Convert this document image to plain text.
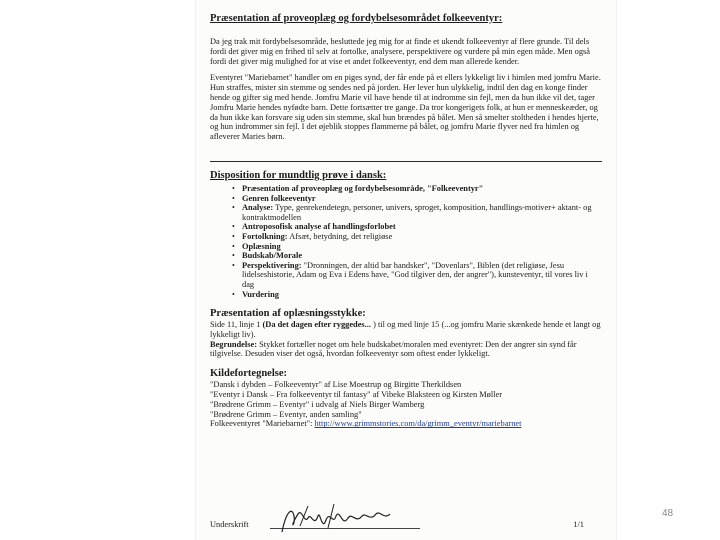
Præsentation af proveoplæg og fordybelsesområdet folkeeventyr:

Da jeg trak mit fordybelsesområde, besluttede jeg mig for at finde et ukendt folkeeventyr af flere grunde. Til dels fordi det giver mig en frihed til selv at fortolke, analysere, perspektivere og vurdere på min egen måde. Men også fordi det giver mig mulighed for at vise et andet folkeeventyr, end dem man allerede kender.

Eventyret "Mariebarnet" handler om en piges synd, der får ende på et ellers lykkeligt liv i himlen med jomfru Marie. Hun straffes, mister sin stemme og sendes ned på jorden. Her lever hun ulykkelig, indtil den dag en konge finder hende og gifter sig med hende. Jomfru Marie vil have hende til at indromme sin fejl, men da hun ikke vil det, tager Jomfru Marie hendes nyfødte barn. Dette fortsætter tre gange. Da tror kongerigets folk, at hun er menneskeæder, og da hun ikke kan forsvare sig uden sin stemme, skal hun brændes på bålet. Men så smelter stoltheden i hendes hjerte, og hun indrommer sin fejl. I det øjeblik stoppes flammerne på bålet, og jomfru Marie flyver ned fra himlen og afleverer Maries børn.

Disposition for mundtlig prøve i dansk:
• Præsentation af proveoplæg og fordybelsesområde, "Folkeeventyr"
• Genren folkeeventyr
• Analyse: Type, genrekendetegn, personer, univers, sproget, komposition, handlings-motiver+ aktant- og kontraktmodellen
• Antroposofisk analyse af handlingsforlobet
• Fortolkning: Afsæt, betydning, det religiøse
• Oplæsning
• Budskab/Morale
• Perspektivering: "Dronningen, der altid bar handsker", "Dovenlars", Biblen (det religiøse, Jesu lidelseshistorie, Adam og Eva i Edens have, "God tilgiver den, der angrer"), kunsteventyr, til vores liv i dag
• Vurdering
Præsentation af oplæsningsstykke:

Side 11, linje 1 (Da det dagen efter ryggedes... ) til og med linje 15 (...og jomfru Marie skænkede hende et langt og lykkeligt liv).

Begrundelse: Stykket fortæller noget om hele budskabet/moralen med eventyret: Den der angrer sin synd får tilgivelse. Desuden viser det også, hvordan folkeeventyr som oftest ender lykkeligt.

Kildefortegnelse:

"Dansk i dybden – Folkeeventyr" af Lise Moestrup og Birgitte Therkildsen

"Eventyr i Dansk – Fra folkeeventyr til fantasy" af Vibeke Blaksteen og Kirsten Møller

"Brødrene Grimm – Eventyr" i udvalg af Niels Birger Wamberg

"Brødrene Grimm – Eventyr, anden samling"

Folkeeventyret "Mariebarnet": http://www.grimmstories.com/da/grimm_eventyr/mariebarnet

Underskrift	1/1
48
